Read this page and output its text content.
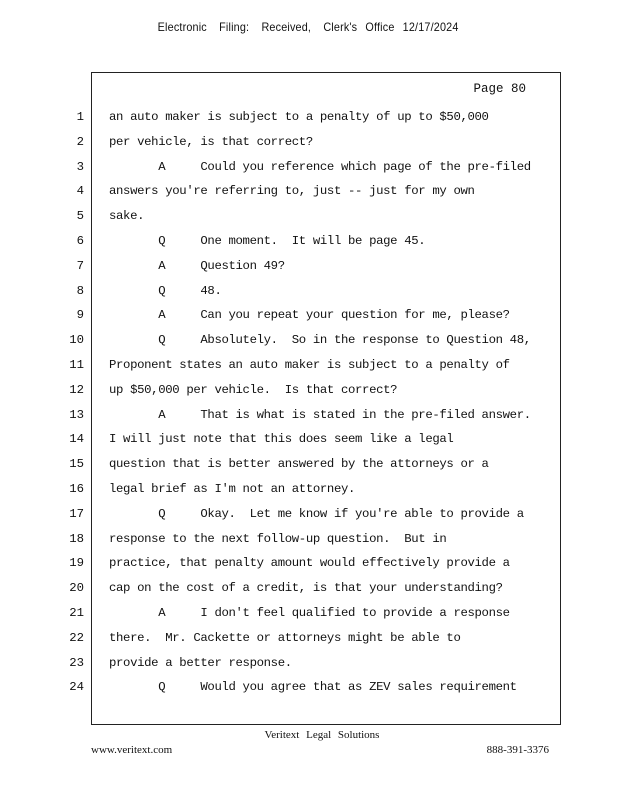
Electronic   Filing:   Received,   Clerk's  Office  12/17/2024
Page 80
1 an auto maker is subject to a penalty of up to $50,000
2 per vehicle, is that correct?
3 A     Could you reference which page of the pre-filed
4 answers you're referring to, just -- just for my own
5 sake.
6 Q     One moment.  It will be page 45.
7 A     Question 49?
8 Q     48.
9 A     Can you repeat your question for me, please?
10 Q     Absolutely.  So in the response to Question 48,
11 Proponent states an auto maker is subject to a penalty of
12 up $50,000 per vehicle.  Is that correct?
13 A     That is what is stated in the pre-filed answer.
14 I will just note that this does seem like a legal
15 question that is better answered by the attorneys or a
16 legal brief as I'm not an attorney.
17 Q     Okay.  Let me know if you're able to provide a
18 response to the next follow-up question.  But in
19 practice, that penalty amount would effectively provide a
20 cap on the cost of a credit, is that your understanding?
21 A     I don't feel qualified to provide a response
22 there.  Mr. Cackette or attorneys might be able to
23 provide a better response.
24 Q     Would you agree that as ZEV sales requirement
Veritext Legal Solutions
www.veritext.com	888-391-3376
